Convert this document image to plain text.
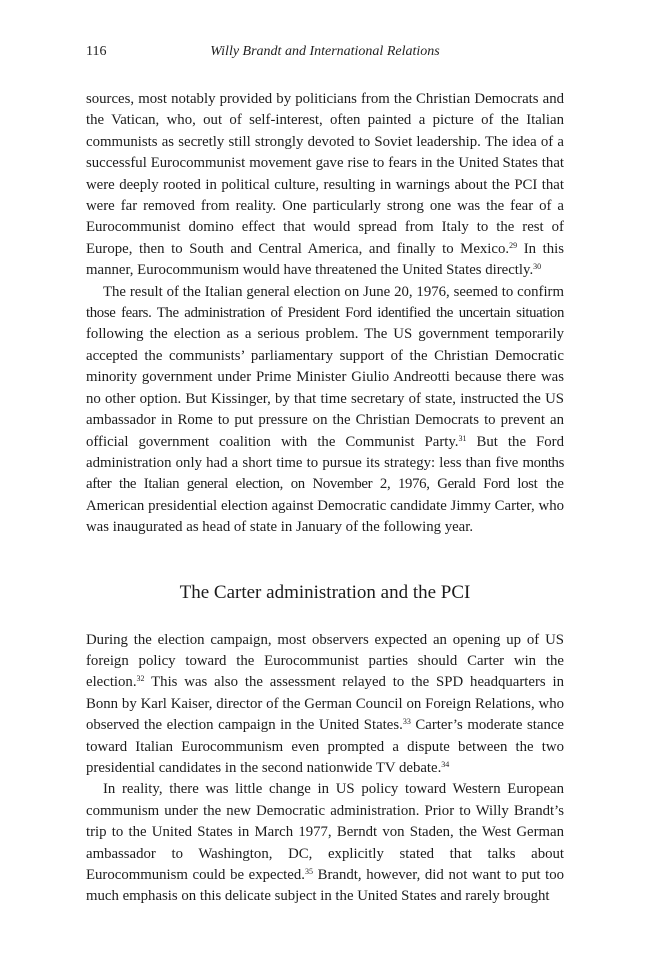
116	Willy Brandt and International Relations

sources, most notably provided by politicians from the Christian Democrats and the Vatican, who, out of self-interest, often painted a picture of the Italian communists as secretly still strongly devoted to Soviet leadership. The idea of a successful Eurocommunist movement gave rise to fears in the United States that were deeply rooted in political culture, resulting in warnings about the PCI that were far removed from reality. One particularly strong one was the fear of a Eurocommunist domino effect that would spread from Italy to the rest of Europe, then to South and Central America, and finally to Mexico.$^{29}$ In this manner, Eurocommunism would have threatened the United States directly.$^{30}$

The result of the Italian general election on June 20, 1976, seemed to confirm those fears. The administration of President Ford identified the uncertain situation following the election as a serious problem. The US government temporarily accepted the communists’ parliamentary support of the Christian Democratic minority government under Prime Minister Giulio Andreotti because there was no other option. But Kissinger, by that time secretary of state, instructed the US ambassador in Rome to put pressure on the Christian Democrats to prevent an official government coalition with the Communist Party.$^{31}$ But the Ford administration only had a short time to pursue its strategy: less than five months after the Italian general election, on November 2, 1976, Gerald Ford lost the American presidential election against Democratic candidate Jimmy Carter, who was inaugurated as head of state in January of the following year.

The Carter administration and the PCI

During the election campaign, most observers expected an opening up of US foreign policy toward the Eurocommunist parties should Carter win the election.$^{32}$ This was also the assessment relayed to the SPD headquarters in Bonn by Karl Kaiser, director of the German Council on Foreign Relations, who observed the election campaign in the United States.$^{33}$ Carter’s moderate stance toward Italian Eurocommunism even prompted a dispute between the two presidential candidates in the second nationwide TV debate.$^{34}$

In reality, there was little change in US policy toward Western European communism under the new Democratic administration. Prior to Willy Brandt’s trip to the United States in March 1977, Berndt von Staden, the West German ambassador to Washington, DC, explicitly stated that talks about Eurocommunism could be expected.$^{35}$ Brandt, however, did not want to put too much emphasis on this delicate subject in the United States and rarely brought
